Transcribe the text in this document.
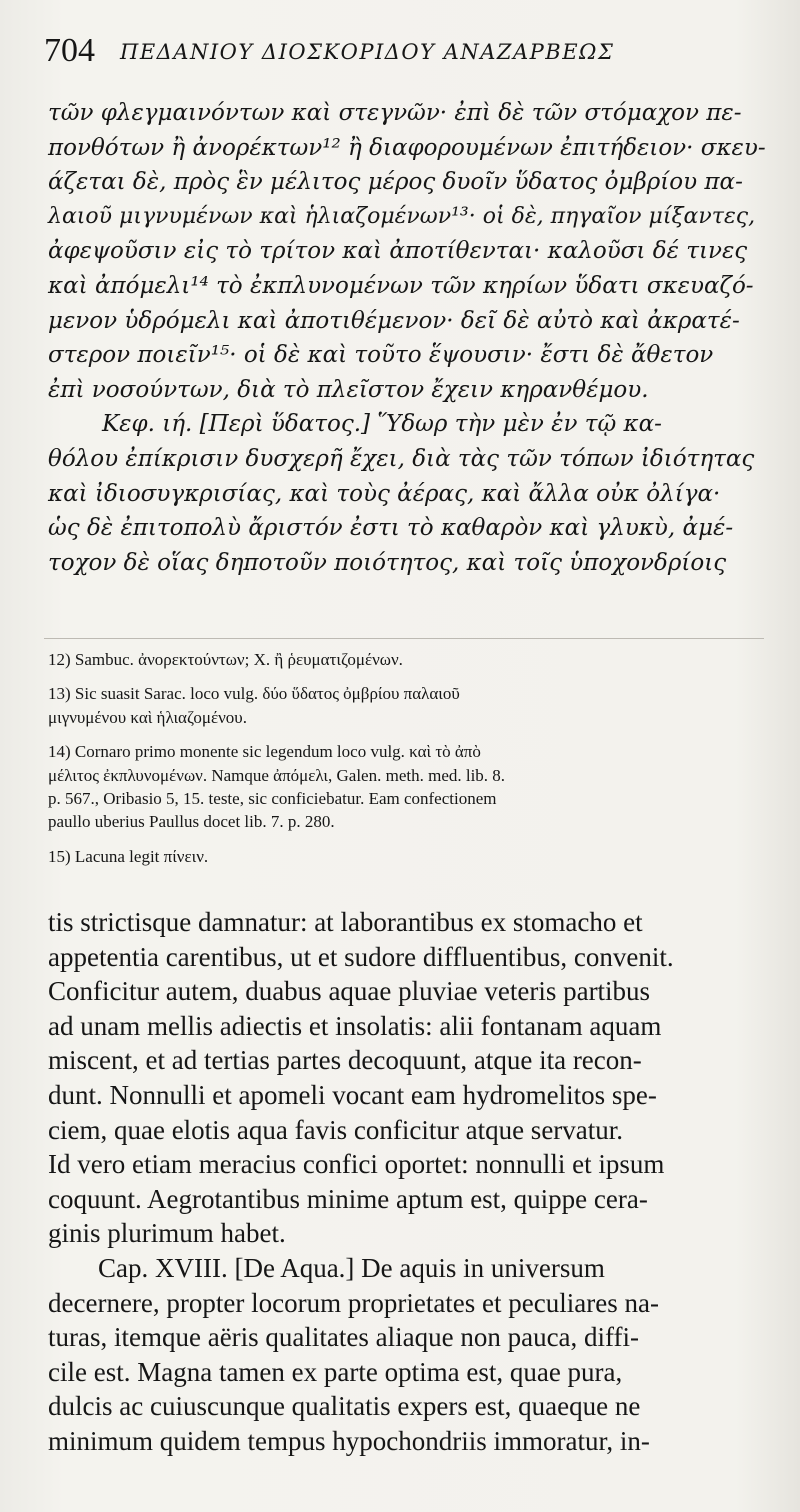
704 ΠΕΔΑΝΙΟΥ ΔΙΟΣΚΟΡΙΔΟΥ ΑΝΑΖΑΡΒΕΩΣ
τῶν φλεγμαινόντων καὶ στεγνῶν· ἐπὶ δὲ τῶν στόμαχον πε-
πονθότων ἢ ἀνορέκτων¹² ἢ διαφορουμένων ἐπιτήδειον· σκευ-
άζεται δὲ, πρὸς ἓν μέλιτος μέρος δυοῖν ὕδατος ὀμβρίου πα-
λαιοῦ μιγνυμένων καὶ ἡλιαζομένων¹³· οἱ δὲ, πηγαῖον μίξαντες,
ἀφεψοῦσιν εἰς τὸ τρίτον καὶ ἀποτίθενται· καλοῦσι δέ τινες
καὶ ἀπόμελι¹⁴ τὸ ἐκπλυνομένων τῶν κηρίων ὕδατι σκευαζό-
μενον ὑδρόμελι καὶ ἀποτιθέμενον· δεῖ δὲ αὐτὸ καὶ ἀκρατέ-
στερον ποιεῖν¹⁵· οἱ δὲ καὶ τοῦτο ἕψουσιν· ἔστι δὲ ἄθετον
ἐπὶ νοσούντων, διὰ τὸ πλεῖστον ἔχειν κηρανθέμου.
Κεφ. ιή. [Περὶ ὕδατος.] Ὕδωρ τὴν μὲν ἐν τῷ κα-
θόλου ἐπίκρισιν δυσχερῆ ἔχει, διὰ τὰς τῶν τόπων ἰδιότητας
καὶ ἰδιοσυγκρισίας, καὶ τοὺς ἀέρας, καὶ ἄλλα οὐκ ὀλίγα·
ὡς δὲ ἐπιτοπολὺ ἄριστόν ἐστι τὸ καθαρὸν καὶ γλυκὺ, ἀμέ-
τοχον δὲ οἵας δηποτοῦν ποιότητος, καὶ τοῖς ὑποχονδρίοις
12) Sambuc. ἀνορεκτούντων; X. ἢ ῥευματιζομένων.
13) Sic suasit Sarac. loco vulg. δύο ὕδατος ὀμβρίου παλαιοῦ
μιγνυμένου καὶ ἡλιαζομένου.
14) Cornaro primo monente sic legendum loco vulg. καὶ τὸ ἀπὸ
μέλιτος ἐκπλυνομένων. Namque ἀπόμελι, Galen. meth. med. lib. 8.
p. 567., Oribasio 5, 15. teste, sic conficiebatur. Eam confectionem
paullo uberius Paullus docet lib. 7. p. 280.
15) Lacuna legit πίνειν.
tis strictisque damnatur: at laborantibus ex stomacho et
appetentia carentibus, ut et sudore diffluentibus, convenit.
Conficitur autem, duabus aquae pluviae veteris partibus
ad unam mellis adiectis et insolatis: alii fontanam aquam
miscent, et ad tertias partes decoquunt, atque ita recon-
dunt. Nonnulli et apomeli vocant eam hydromelitos spe-
ciem, quae elotis aqua favis conficitur atque servatur.
Id vero etiam meracius confici oportet: nonnulli et ipsum
coquunt. Aegrotantibus minime aptum est, quippe cera-
ginis plurimum habet.
Cap. XVIII. [De Aqua.] De aquis in universum
decernere, propter locorum proprietates et peculiares na-
turas, itemque aëris qualitates aliaque non pauca, diffi-
cile est. Magna tamen ex parte optima est, quae pura,
dulcis ac cuiuscunque qualitatis expers est, quaeque ne
minimum quidem tempus hypochondriis immoratur, in-
